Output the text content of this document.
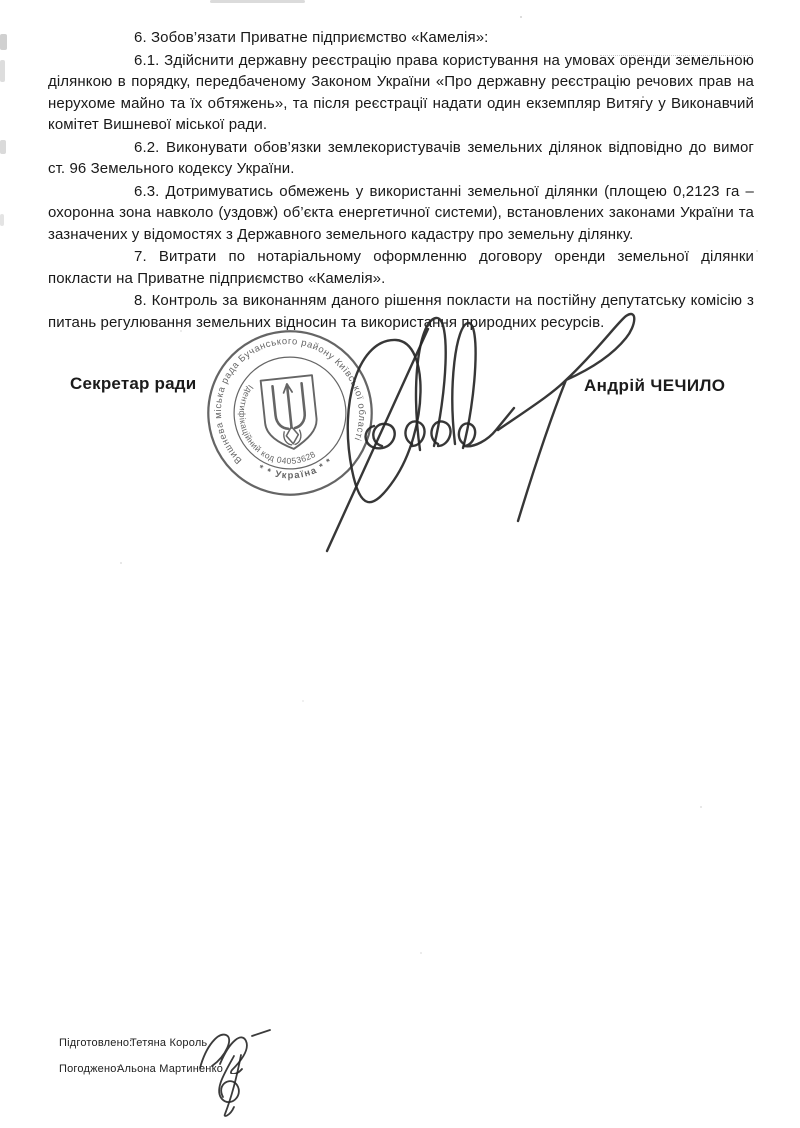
6. Зобов’язати Приватне підприємство «Камелія»:

6.1. Здійснити державну реєстрацію права користування на умовах оренди земельною ділянкою в порядку, передбаченому Законом України «Про державну реєстрацію речових прав на нерухоме майно та їх обтяжень», та після реєстрації надати один екземпляр Витягу у Виконавчий комітет Вишневої міської ради.

6.2. Виконувати обов’язки землекористувачів земельних ділянок відповідно до вимог ст. 96 Земельного кодексу України.

6.3. Дотримуватись обмежень у використанні земельної ділянки (площею 0,2123 га – охоронна зона навколо (уздовж) об’єкта енергетичної системи), встановлених законами України та зазначених у відомостях з Державного земельного кадастру про земельну ділянку.

7. Витрати по нотаріальному оформленню договору оренди земельної ділянки покласти на Приватне підприємство «Камелія».

8. Контроль за виконанням даного рішення покласти на постійну депутатську комісію з питань регулювання земельних відносин та використання природних ресурсів.

Секретар ради	Андрій ЧЕЧИЛО
Вишнева міська рада Бучанського району Київської області
Ідентифікаційний код 04053628
* * Україна * *
Підготовлено:
Тетяна Король
Погоджено:
Альона Мартиненко
